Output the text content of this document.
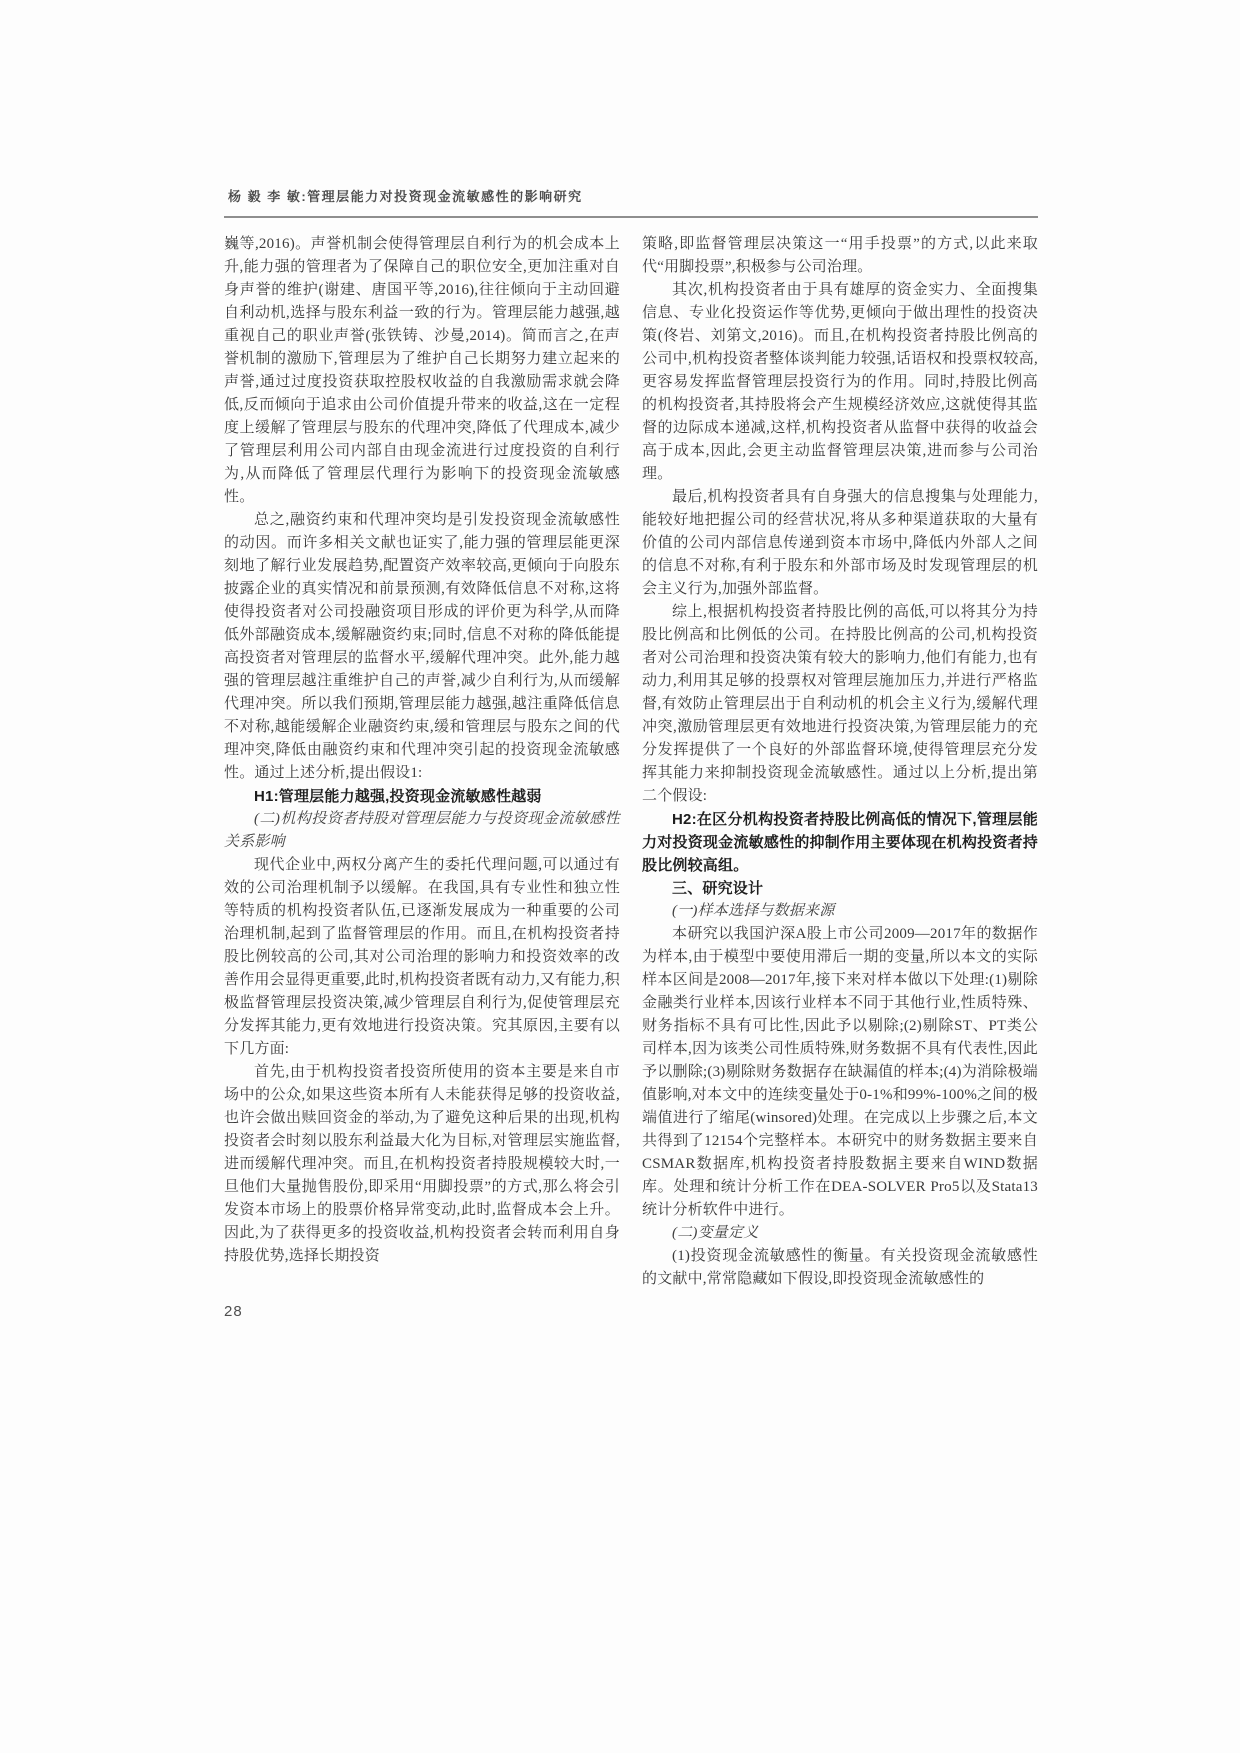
杨 毅 李 敏:管理层能力对投资现金流敏感性的影响研究

巍等,2016)。声誉机制会使得管理层自利行为的机会成本上升,能力强的管理者为了保障自己的职位安全,更加注重对自身声誉的维护(谢建、唐国平等,2016),往往倾向于主动回避自利动机,选择与股东利益一致的行为。管理层能力越强,越重视自己的职业声誉(张铁铸、沙曼,2014)。简而言之,在声誉机制的激励下,管理层为了维护自己长期努力建立起来的声誉,通过过度投资获取控股权收益的自我激励需求就会降低,反而倾向于追求由公司价值提升带来的收益,这在一定程度上缓解了管理层与股东的代理冲突,降低了代理成本,减少了管理层利用公司内部自由现金流进行过度投资的自利行为,从而降低了管理层代理行为影响下的投资现金流敏感性。

总之,融资约束和代理冲突均是引发投资现金流敏感性的动因。而许多相关文献也证实了,能力强的管理层能更深刻地了解行业发展趋势,配置资产效率较高,更倾向于向股东披露企业的真实情况和前景预测,有效降低信息不对称,这将使得投资者对公司投融资项目形成的评价更为科学,从而降低外部融资成本,缓解融资约束;同时,信息不对称的降低能提高投资者对管理层的监督水平,缓解代理冲突。此外,能力越强的管理层越注重维护自己的声誉,减少自利行为,从而缓解代理冲突。所以我们预期,管理层能力越强,越注重降低信息不对称,越能缓解企业融资约束,缓和管理层与股东之间的代理冲突,降低由融资约束和代理冲突引起的投资现金流敏感性。通过上述分析,提出假设1:

H1:管理层能力越强,投资现金流敏感性越弱

(二)机构投资者持股对管理层能力与投资现金流敏感性关系影响

现代企业中,两权分离产生的委托代理问题,可以通过有效的公司治理机制予以缓解。在我国,具有专业性和独立性等特质的机构投资者队伍,已逐渐发展成为一种重要的公司治理机制,起到了监督管理层的作用。而且,在机构投资者持股比例较高的公司,其对公司治理的影响力和投资效率的改善作用会显得更重要,此时,机构投资者既有动力,又有能力,积极监督管理层投资决策,减少管理层自利行为,促使管理层充分发挥其能力,更有效地进行投资决策。究其原因,主要有以下几方面:

首先,由于机构投资者投资所使用的资本主要是来自市场中的公众,如果这些资本所有人未能获得足够的投资收益,也许会做出赎回资金的举动,为了避免这种后果的出现,机构投资者会时刻以股东利益最大化为目标,对管理层实施监督,进而缓解代理冲突。而且,在机构投资者持股规模较大时,一旦他们大量抛售股份,即采用“用脚投票”的方式,那么将会引发资本市场上的股票价格异常变动,此时,监督成本会上升。因此,为了获得更多的投资收益,机构投资者会转而利用自身持股优势,选择长期投资

策略,即监督管理层决策这一“用手投票”的方式,以此来取代“用脚投票”,积极参与公司治理。

其次,机构投资者由于具有雄厚的资金实力、全面搜集信息、专业化投资运作等优势,更倾向于做出理性的投资决策(佟岩、刘第文,2016)。而且,在机构投资者持股比例高的公司中,机构投资者整体谈判能力较强,话语权和投票权较高,更容易发挥监督管理层投资行为的作用。同时,持股比例高的机构投资者,其持股将会产生规模经济效应,这就使得其监督的边际成本递减,这样,机构投资者从监督中获得的收益会高于成本,因此,会更主动监督管理层决策,进而参与公司治理。

最后,机构投资者具有自身强大的信息搜集与处理能力,能较好地把握公司的经营状况,将从多种渠道获取的大量有价值的公司内部信息传递到资本市场中,降低内外部人之间的信息不对称,有利于股东和外部市场及时发现管理层的机会主义行为,加强外部监督。

综上,根据机构投资者持股比例的高低,可以将其分为持股比例高和比例低的公司。在持股比例高的公司,机构投资者对公司治理和投资决策有较大的影响力,他们有能力,也有动力,利用其足够的投票权对管理层施加压力,并进行严格监督,有效防止管理层出于自利动机的机会主义行为,缓解代理冲突,激励管理层更有效地进行投资决策,为管理层能力的充分发挥提供了一个良好的外部监督环境,使得管理层充分发挥其能力来抑制投资现金流敏感性。通过以上分析,提出第二个假设:

H2:在区分机构投资者持股比例高低的情况下,管理层能力对投资现金流敏感性的抑制作用主要体现在机构投资者持股比例较高组。

三、研究设计

(一)样本选择与数据来源

本研究以我国沪深A股上市公司2009—2017年的数据作为样本,由于模型中要使用滞后一期的变量,所以本文的实际样本区间是2008—2017年,接下来对样本做以下处理:(1)剔除金融类行业样本,因该行业样本不同于其他行业,性质特殊、财务指标不具有可比性,因此予以剔除;(2)剔除ST、PT类公司样本,因为该类公司性质特殊,财务数据不具有代表性,因此予以删除;(3)剔除财务数据存在缺漏值的样本;(4)为消除极端值影响,对本文中的连续变量处于0-1%和99%-100%之间的极端值进行了缩尾(winsored)处理。在完成以上步骤之后,本文共得到了12154个完整样本。本研究中的财务数据主要来自CSMAR数据库,机构投资者持股数据主要来自WIND数据库。处理和统计分析工作在DEA-SOLVER Pro5以及Stata13统计分析软件中进行。

(二)变量定义

(1)投资现金流敏感性的衡量。有关投资现金流敏感性的文献中,常常隐藏如下假设,即投资现金流敏感性的

28
